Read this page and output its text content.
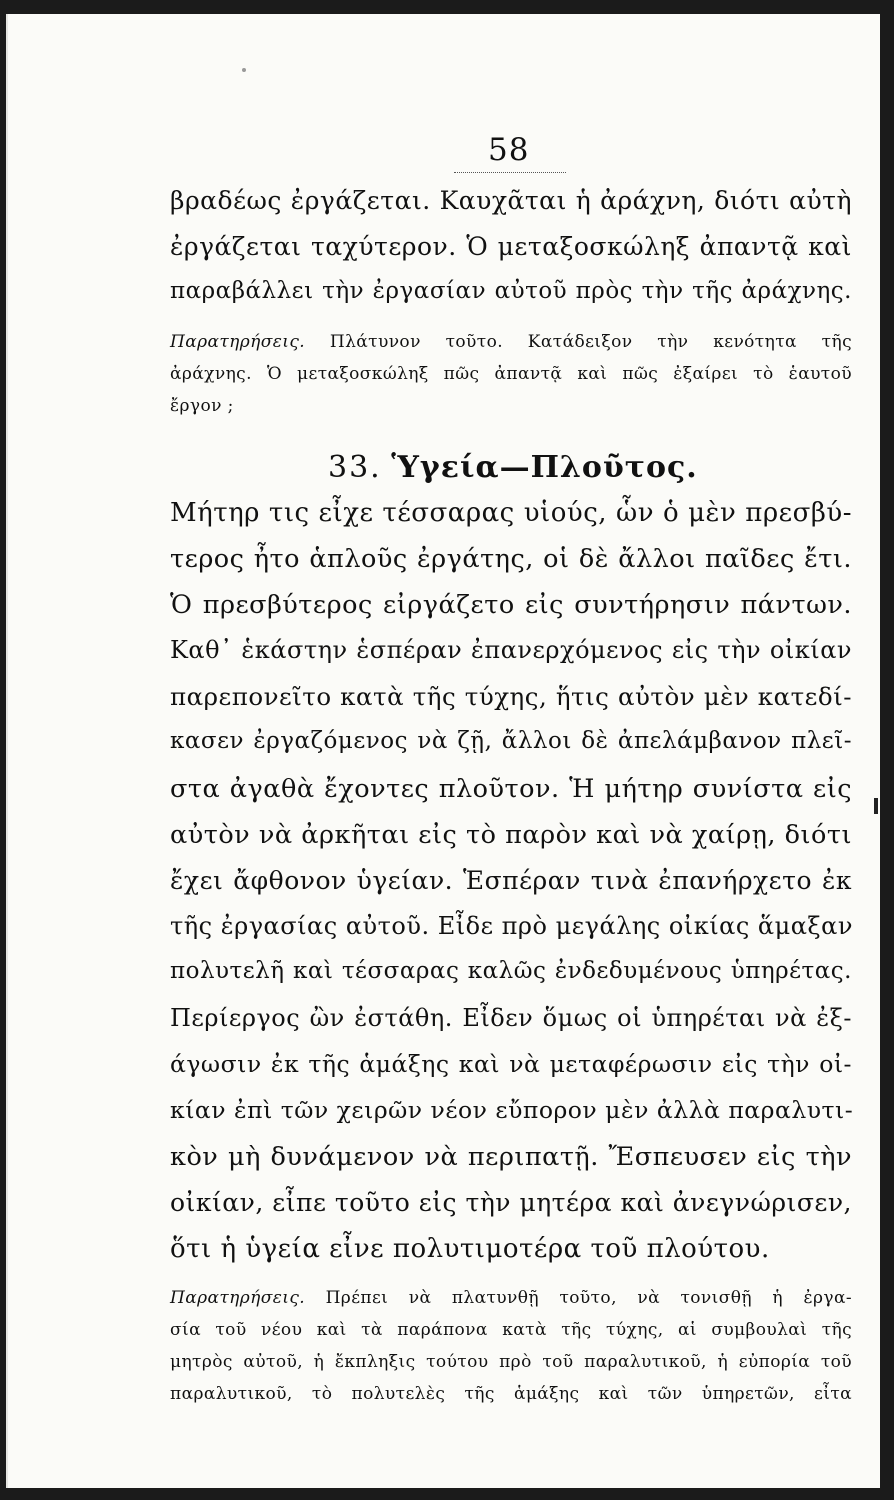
58

βραδέως ἐργάζεται. Καυχᾶται ἡ ἀράχνη, διότι αὐτὴ

ἐργάζεται ταχύτερον. Ὁ μεταξοσκώληξ ἀπαντᾷ καὶ

παραβάλλει τὴν ἐργασίαν αὐτοῦ πρὸς τὴν τῆς ἀράχνης.

Παρατηρήσεις. Πλάτυνον τοῦτο. Κατάδειξον τὴν κενότητα τῆς

ἀράχνης. Ὁ μεταξοσκώληξ πῶς ἀπαντᾷ καὶ πῶς ἐξαίρει τὸ ἑαυτοῦ

ἔργον ;

33. Ὑγεία—Πλοῦτος.

Μήτηρ τις εἶχε τέσσαρας υἱούς, ὧν ὁ μὲν πρεσβύ-

τερος ἦτο ἁπλοῦς ἐργάτης, οἱ δὲ ἄλλοι παῖδες ἔτι.

Ὁ πρεσβύτερος εἰργάζετο εἰς συντήρησιν πάντων.

Καθ᾿ ἑκάστην ἑσπέραν ἐπανερχόμενος εἰς τὴν οἰκίαν

παρεπονεῖτο κατὰ τῆς τύχης, ἥτις αὐτὸν μὲν κατεδί-

κασεν ἐργαζόμενος νὰ ζῇ, ἄλλοι δὲ ἀπελάμβανον πλεῖ-

στα ἀγαθὰ ἔχοντες πλοῦτον. Ἡ μήτηρ συνίστα εἰς

αὐτὸν νὰ ἀρκῆται εἰς τὸ παρὸν καὶ νὰ χαίρῃ, διότι

ἔχει ἄφθονον ὑγείαν. Ἑσπέραν τινὰ ἐπανήρχετο ἐκ

τῆς ἐργασίας αὐτοῦ. Εἶδε πρὸ μεγάλης οἰκίας ἅμαξαν

πολυτελῆ καὶ τέσσαρας καλῶς ἐνδεδυμένους ὑπηρέτας.

Περίεργος ὢν ἐστάθη. Εἶδεν ὅμως οἱ ὑπηρέται νὰ ἐξ-

άγωσιν ἐκ τῆς ἁμάξης καὶ νὰ μεταφέρωσιν εἰς τὴν οἰ-

κίαν ἐπὶ τῶν χειρῶν νέον εὔπορον μὲν ἀλλὰ παραλυτι-

κὸν μὴ δυνάμενον νὰ περιπατῇ. Ἔσπευσεν εἰς τὴν

οἰκίαν, εἶπε τοῦτο εἰς τὴν μητέρα καὶ ἀνεγνώρισεν,

ὅτι ἡ ὑγεία εἶνε πολυτιμοτέρα τοῦ πλούτου.

Παρατηρήσεις. Πρέπει νὰ πλατυνθῇ τοῦτο, νὰ τονισθῇ ἡ ἐργα-

σία τοῦ νέου καὶ τὰ παράπονα κατὰ τῆς τύχης, αἱ συμβουλαὶ τῆς

μητρὸς αὐτοῦ, ἡ ἔκπληξις τούτου πρὸ τοῦ παραλυτικοῦ, ἡ εὐπορία τοῦ

παραλυτικοῦ, τὸ πολυτελὲς τῆς ἁμάξης καὶ τῶν ὑπηρετῶν, εἶτα
